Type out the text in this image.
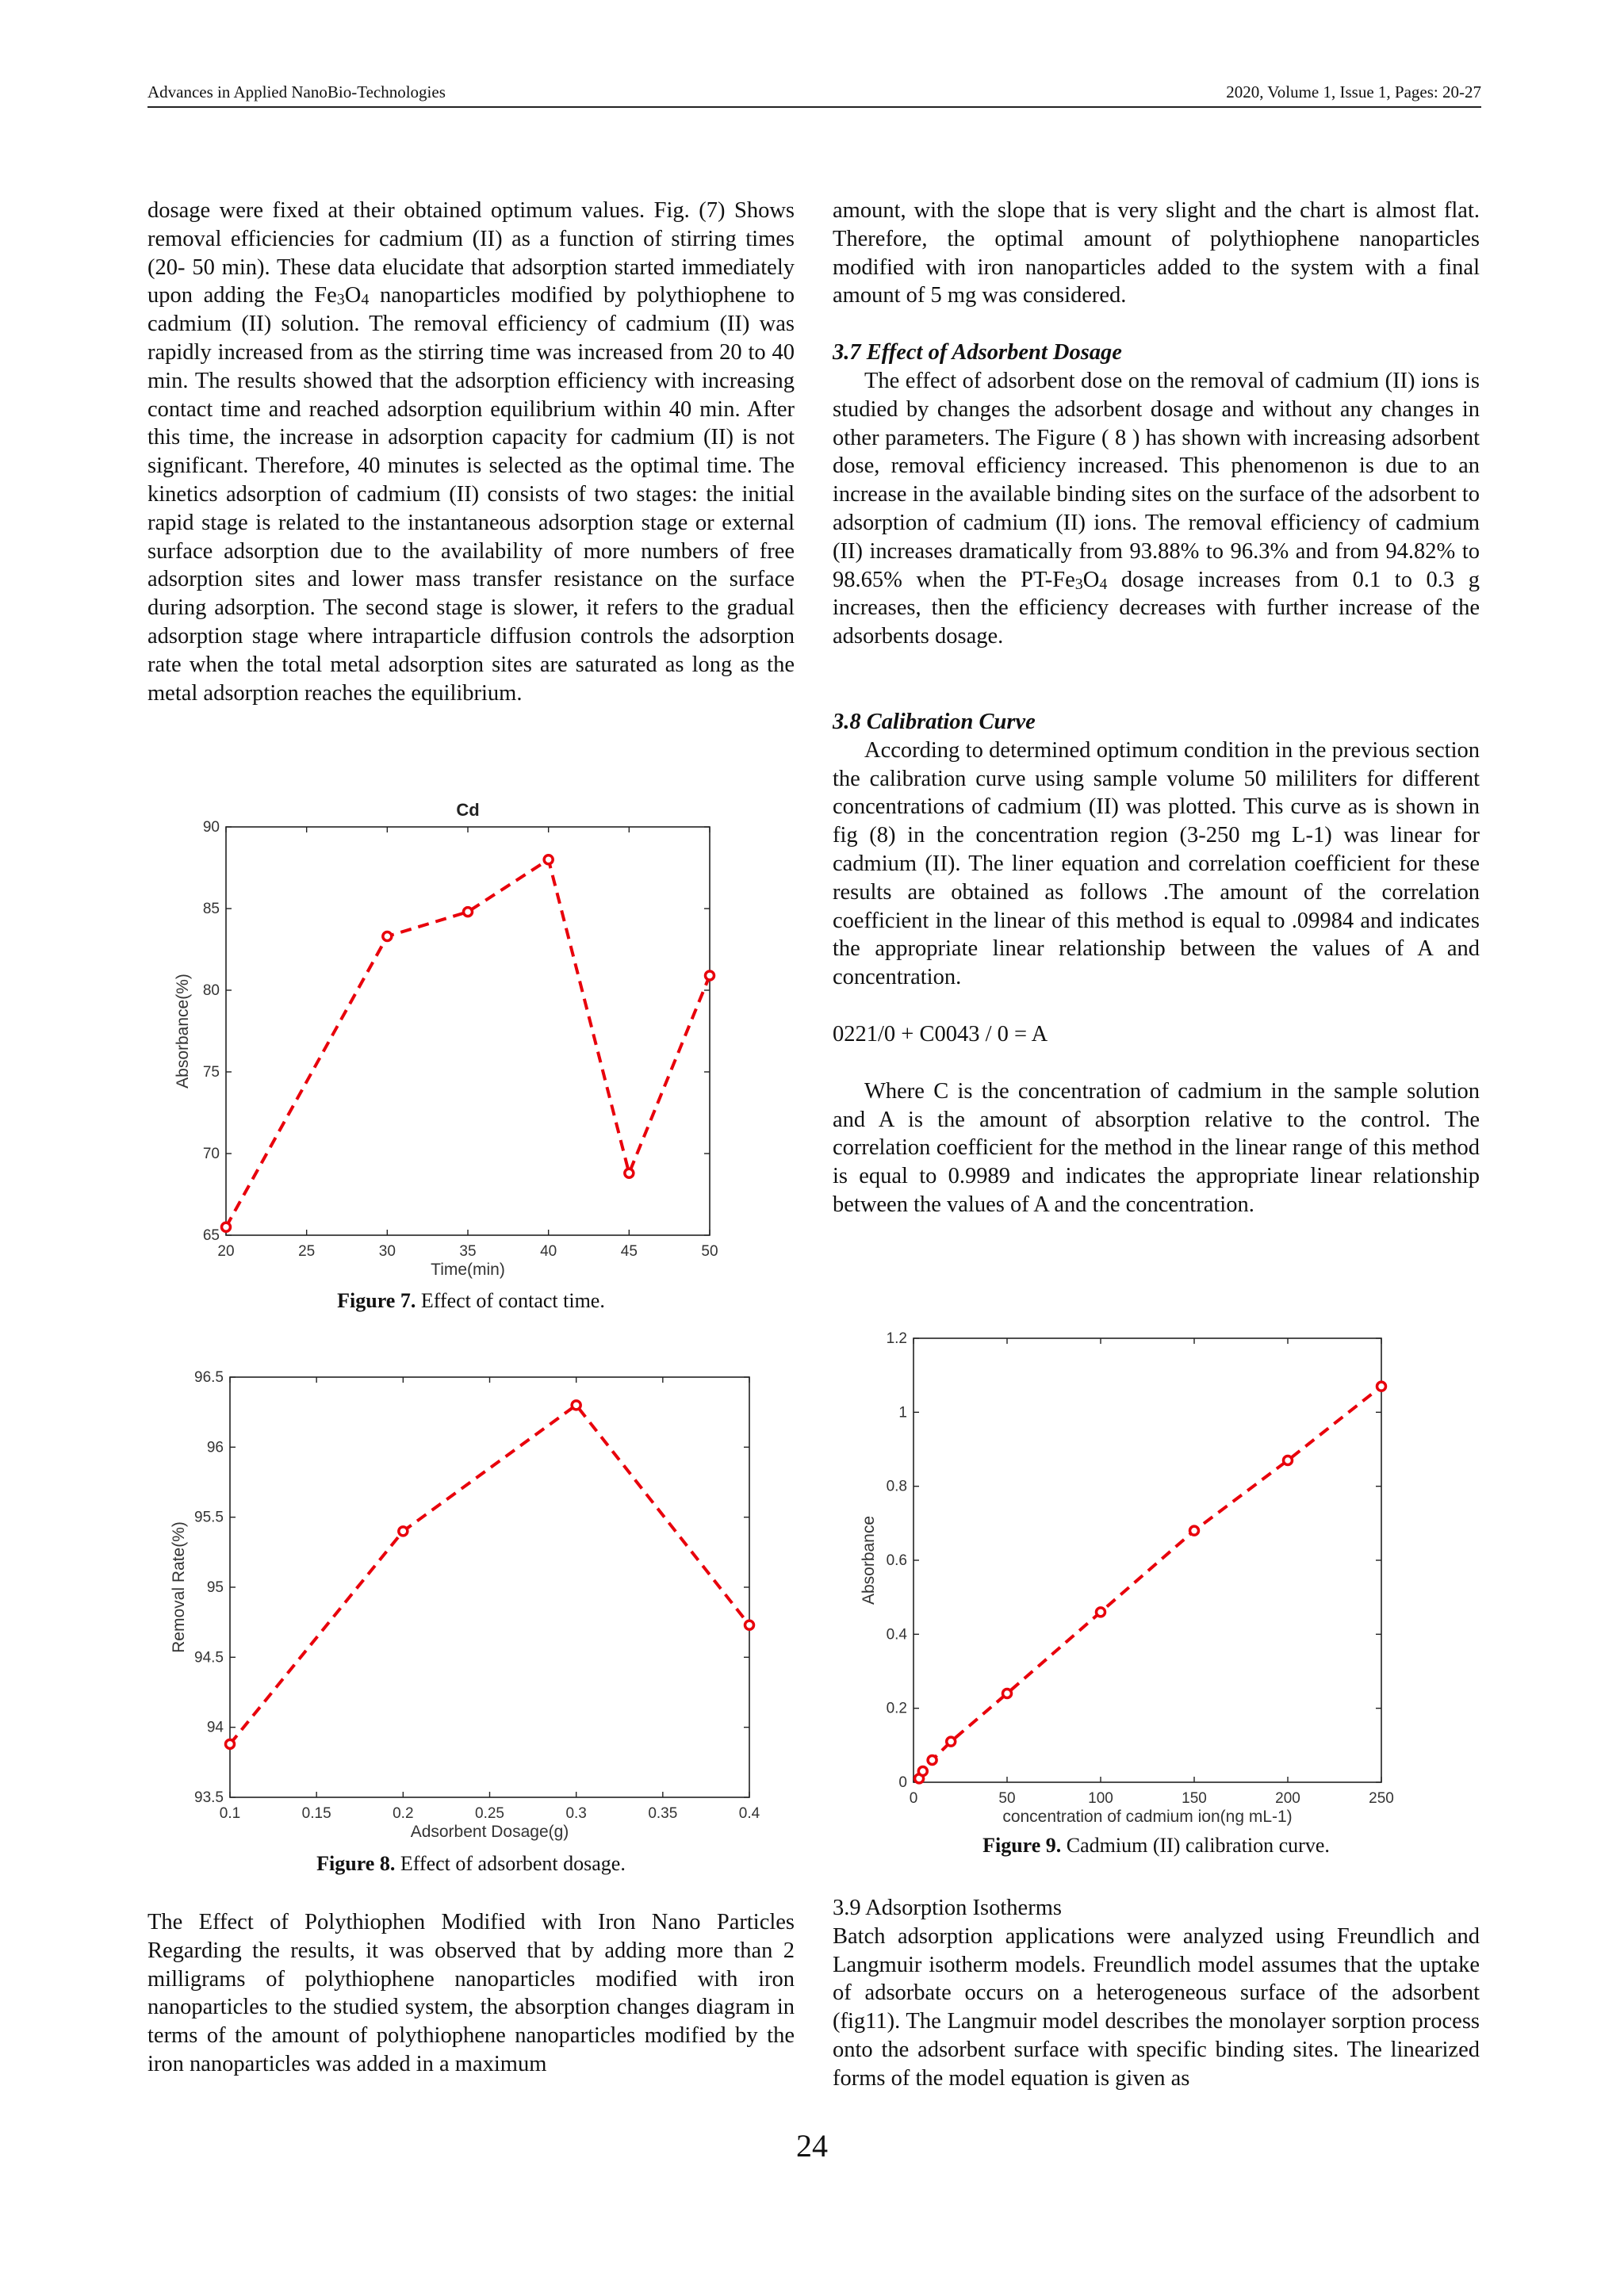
Advances in Applied NanoBio-Technologies	2020, Volume 1, Issue 1, Pages: 20-27

dosage were fixed at their obtained optimum values. Fig. (7) Shows removal efficiencies for cadmium (II) as a function of stirring times (20- 50 min). These data elucidate that adsorption started immediately upon adding the $Fe_3O_4$ nanoparticles modified by polythiophene to cadmium (II) solution. The removal efficiency of cadmium (II) was rapidly increased from as the stirring time was increased from 20 to 40 min. The results showed that the adsorption efficiency with increasing contact time and reached adsorption equilibrium within 40 min. After this time, the increase in adsorption capacity for cadmium (II) is not significant. Therefore, 40 minutes is selected as the optimal time. The kinetics adsorption of cadmium (II) consists of two stages: the initial rapid stage is related to the instantaneous adsorption stage or external surface adsorption due to the availability of more numbers of free adsorption sites and lower mass transfer resistance on the surface during adsorption. The second stage is slower, it refers to the gradual adsorption stage where intraparticle diffusion controls the adsorption rate when the total metal adsorption sites are saturated as long as the metal adsorption reaches the equilibrium.

20	25	30	35	40	45	50
65
70
75
80
85
90
Time(min)
Absorbance(%)
Cd
Figure 7. Effect of contact time.
0.1	0.15	0.2	0.25	0.3	0.35	0.4
93.5
94
94.5
95
95.5
96
96.5
Adsorbent Dosage(g)
Removal Rate(%)
Figure 8. Effect of adsorbent dosage.

The Effect of Polythiophen Modified with Iron Nano Particles Regarding the results, it was observed that by adding more than 2 milligrams of polythiophene nanoparticles modified with iron nanoparticles to the studied system, the absorption changes diagram in terms of the amount of polythiophene nanoparticles modified by the iron nanoparticles was added in a maximum

amount, with the slope that is very slight and the chart is almost flat. Therefore, the optimal amount of polythiophene nanoparticles modified with iron nanoparticles added to the system with a final amount of 5 mg was considered.

3.7 Effect of Adsorbent Dosage

The effect of adsorbent dose on the removal of cadmium (II) ions is studied by changes the adsorbent dosage and without any changes in other parameters. The Figure ( 8 ) has shown with increasing adsorbent dose, removal efficiency increased. This phenomenon is due to an increase in the available binding sites on the surface of the adsorbent to adsorption of cadmium (II) ions. The removal efficiency of cadmium (II) increases dramatically from 93.88% to 96.3% and from 94.82% to 98.65% when the $PT-Fe_3O_4$ dosage increases from 0.1 to 0.3 g increases, then the efficiency decreases with further increase of the adsorbents dosage.

3.8 Calibration Curve

According to determined optimum condition in the previous section the calibration curve using sample volume 50 mililiters for different concentrations of cadmium (II) was plotted. This curve as is shown in fig (8) in the concentration region (3-250 mg L-1) was linear for cadmium (II). The liner equation and correlation coefficient for these results are obtained as follows .The amount of the correlation coefficient in the linear of this method is equal to .09984 and indicates the appropriate linear relationship between the values of A and concentration.

0221/0 + C0043 / 0 = A

Where C is the concentration of cadmium in the sample solution and A is the amount of absorption relative to the control. The correlation coefficient for the method in the linear range of this method is equal to 0.9989 and indicates the appropriate linear relationship between the values of A and the concentration.

0	50	100	150	200	250
0
0.2
0.4
0.6
0.8
1
1.2
concentration of cadmium ion(ng mL-1)
Absorbance
Figure 9. Cadmium (II) calibration curve.

3.9 Adsorption Isotherms

Batch adsorption applications were analyzed using Freundlich and Langmuir isotherm models. Freundlich model assumes that the uptake of adsorbate occurs on a heterogeneous surface of the adsorbent (fig11). The Langmuir model describes the monolayer sorption process onto the adsorbent surface with specific binding sites. The linearized forms of the model equation is given as

24
